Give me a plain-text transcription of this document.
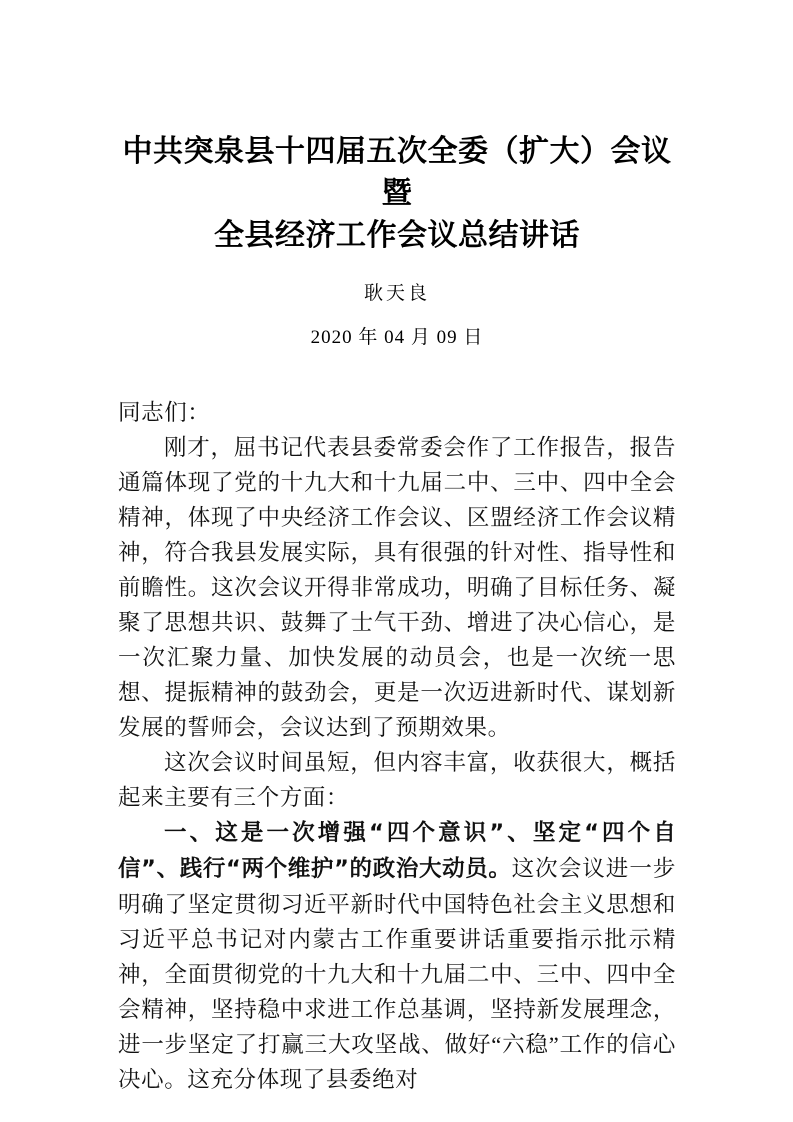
中共突泉县十四届五次全委（扩大）会议暨
全县经济工作会议总结讲话

耿天良

2020 年 04 月 09 日

同志们：

刚才，屈书记代表县委常委会作了工作报告，报告通篇体现了党的十九大和十九届二中、三中、四中全会精神，体现了中央经济工作会议、区盟经济工作会议精神，符合我县发展实际，具有很强的针对性、指导性和前瞻性。这次会议开得非常成功，明确了目标任务、凝聚了思想共识、鼓舞了士气干劲、增进了决心信心，是一次汇聚力量、加快发展的动员会，也是一次统一思想、提振精神的鼓劲会，更是一次迈进新时代、谋划新发展的誓师会，会议达到了预期效果。

这次会议时间虽短，但内容丰富，收获很大，概括起来主要有三个方面：

一、这是一次增强“四个意识”、坚定“四个自信”、践行“两个维护”的政治大动员。这次会议进一步明确了坚定贯彻习近平新时代中国特色社会主义思想和习近平总书记对内蒙古工作重要讲话重要指示批示精神，全面贯彻党的十九大和十九届二中、三中、四中全会精神，坚持稳中求进工作总基调，坚持新发展理念，进一步坚定了打赢三大攻坚战、做好“六稳”工作的信心决心。这充分体现了县委绝对
